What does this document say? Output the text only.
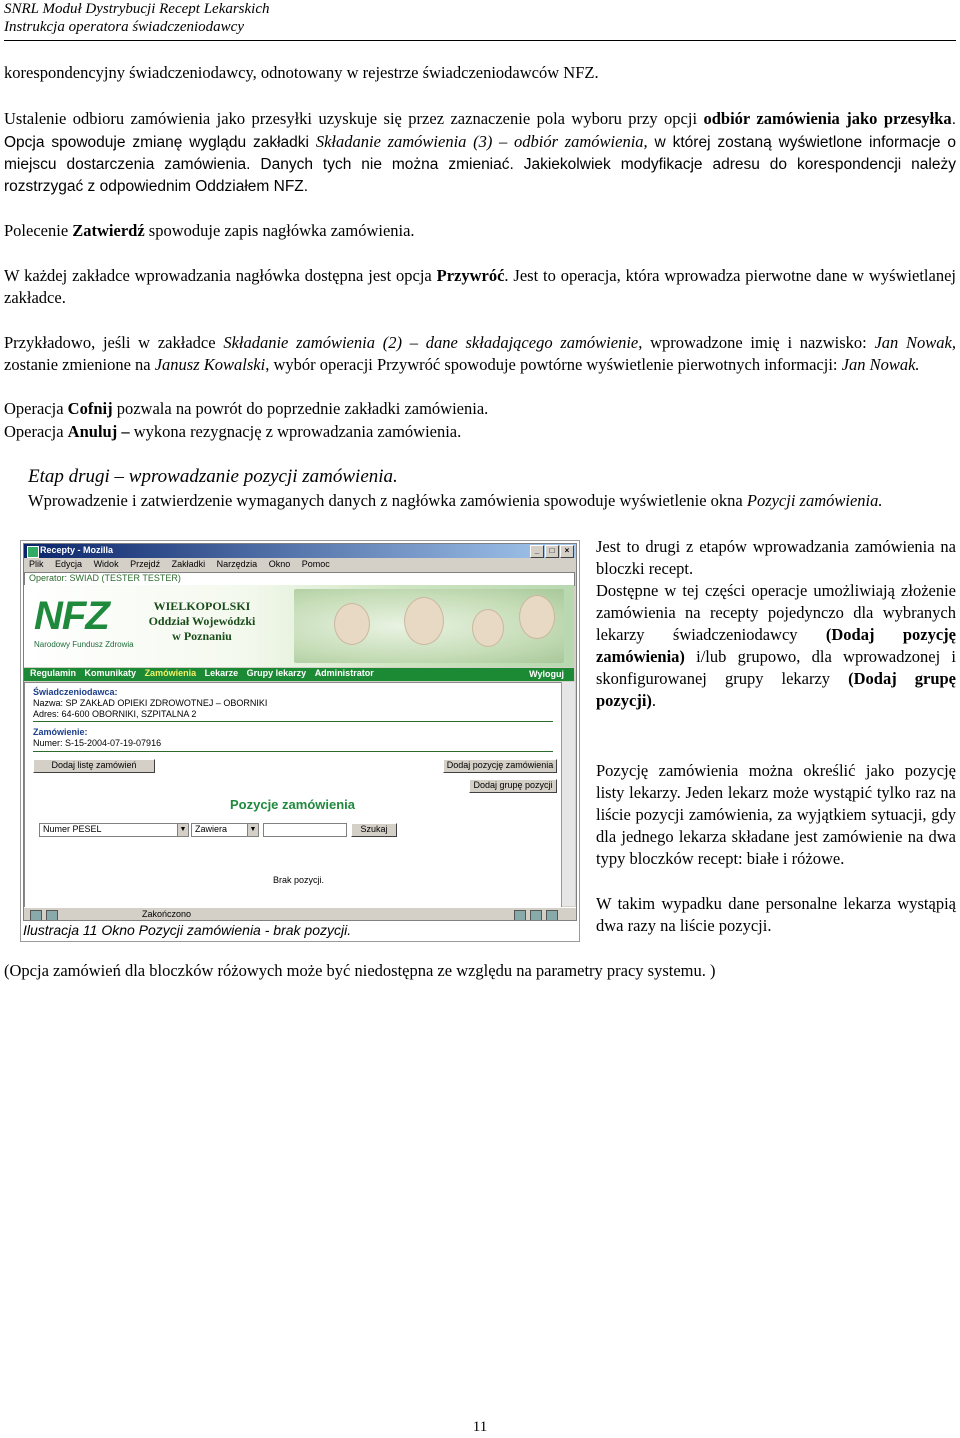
SNRL Moduł Dystrybucji Recept Lekarskich
Instrukcja operatora świadczeniodawcy

korespondencyjny świadczeniodawcy, odnotowany w rejestrze świadczeniodawców NFZ.

Ustalenie odbioru zamówienia jako przesyłki uzyskuje się przez zaznaczenie pola wyboru przy opcji odbiór zamówienia jako przesyłka. Opcja spowoduje zmianę wyglądu zakładki Składanie zamówienia (3) – odbiór zamówienia, w której zostaną wyświetlone informacje o miejscu dostarczenia zamówienia. Danych tych nie można zmieniać. Jakiekolwiek modyfikacje adresu do korespondencji należy rozstrzygać z odpowiednim Oddziałem NFZ.

Polecenie Zatwierdź spowoduje zapis nagłówka zamówienia.

W każdej zakładce wprowadzania nagłówka dostępna jest opcja Przywróć. Jest to operacja, która wprowadza pierwotne dane w wyświetlanej zakładce.

Przykładowo, jeśli w zakładce Składanie zamówienia (2) – dane składającego zamówienie, wprowadzone imię i nazwisko: Jan Nowak, zostanie zmienione na Janusz Kowalski, wybór operacji Przywróć spowoduje powtórne wyświetlenie pierwotnych informacji: Jan Nowak.

Operacja Cofnij pozwala na powrót do poprzednie zakładki zamówienia.

Operacja Anuluj – wykona rezygnację z wprowadzania zamówienia.

Etap drugi – wprowadzanie pozycji zamówienia.

Wprowadzenie i zatwierdzenie wymaganych danych z nagłówka zamówienia spowoduje wyświetlenie okna Pozycji zamówienia.

Recepty - Mozilla	_ □ ×
Plik Edycja Widok Przejdź Zakładki Narzędzia Okno Pomoc
Operator: SWIAD (TESTER TESTER)
NFZ
Narodowy Fundusz Zdrowia
WIELKOPOLSKI
Oddział Wojewódzki
w Poznaniu
Regulamin Komunikaty Zamówienia Lekarze Grupy lekarzy Administrator	Wyloguj
Świadczeniodawca:
Nazwa: SP ZAKŁAD OPIEKI ZDROWOTNEJ – OBORNIKI
Adres: 64-600 OBORNIKI, SZPITALNA 2
Zamówienie:
Numer: S-15-2004-07-19-07916
Dodaj listę zamówień	Dodaj pozycję zamówienia
Dodaj grupę pozycji
Pozycje zamówienia
Numer PESEL	▼ Zawiera	▼	Szukaj
Brak pozycji.
Zakończono
Ilustracja 11 Okno Pozycji zamówienia - brak pozycji.

Jest to drugi z etapów wprowadzania zamówienia na bloczki recept.

Dostępne w tej części operacje umożliwiają złożenie zamówienia na recepty pojedynczo dla wybranych lekarzy świadczeniodawcy (Dodaj pozycję zamówienia) i/lub grupowo, dla wprowadzonej i skonfigurowanej grupy lekarzy (Dodaj grupę pozycji).

Pozycję zamówienia można określić jako pozycję listy lekarzy. Jeden lekarz może wystąpić tylko raz na liście pozycji zamówienia, za wyjątkiem sytuacji, gdy dla jednego lekarza składane jest zamówienie na dwa typy bloczków recept: białe i różowe.

W takim wypadku dane personalne lekarza wystąpią dwa razy na liście pozycji.

(Opcja zamówień dla bloczków różowych może być niedostępna ze względu na parametry pracy systemu. )

11
